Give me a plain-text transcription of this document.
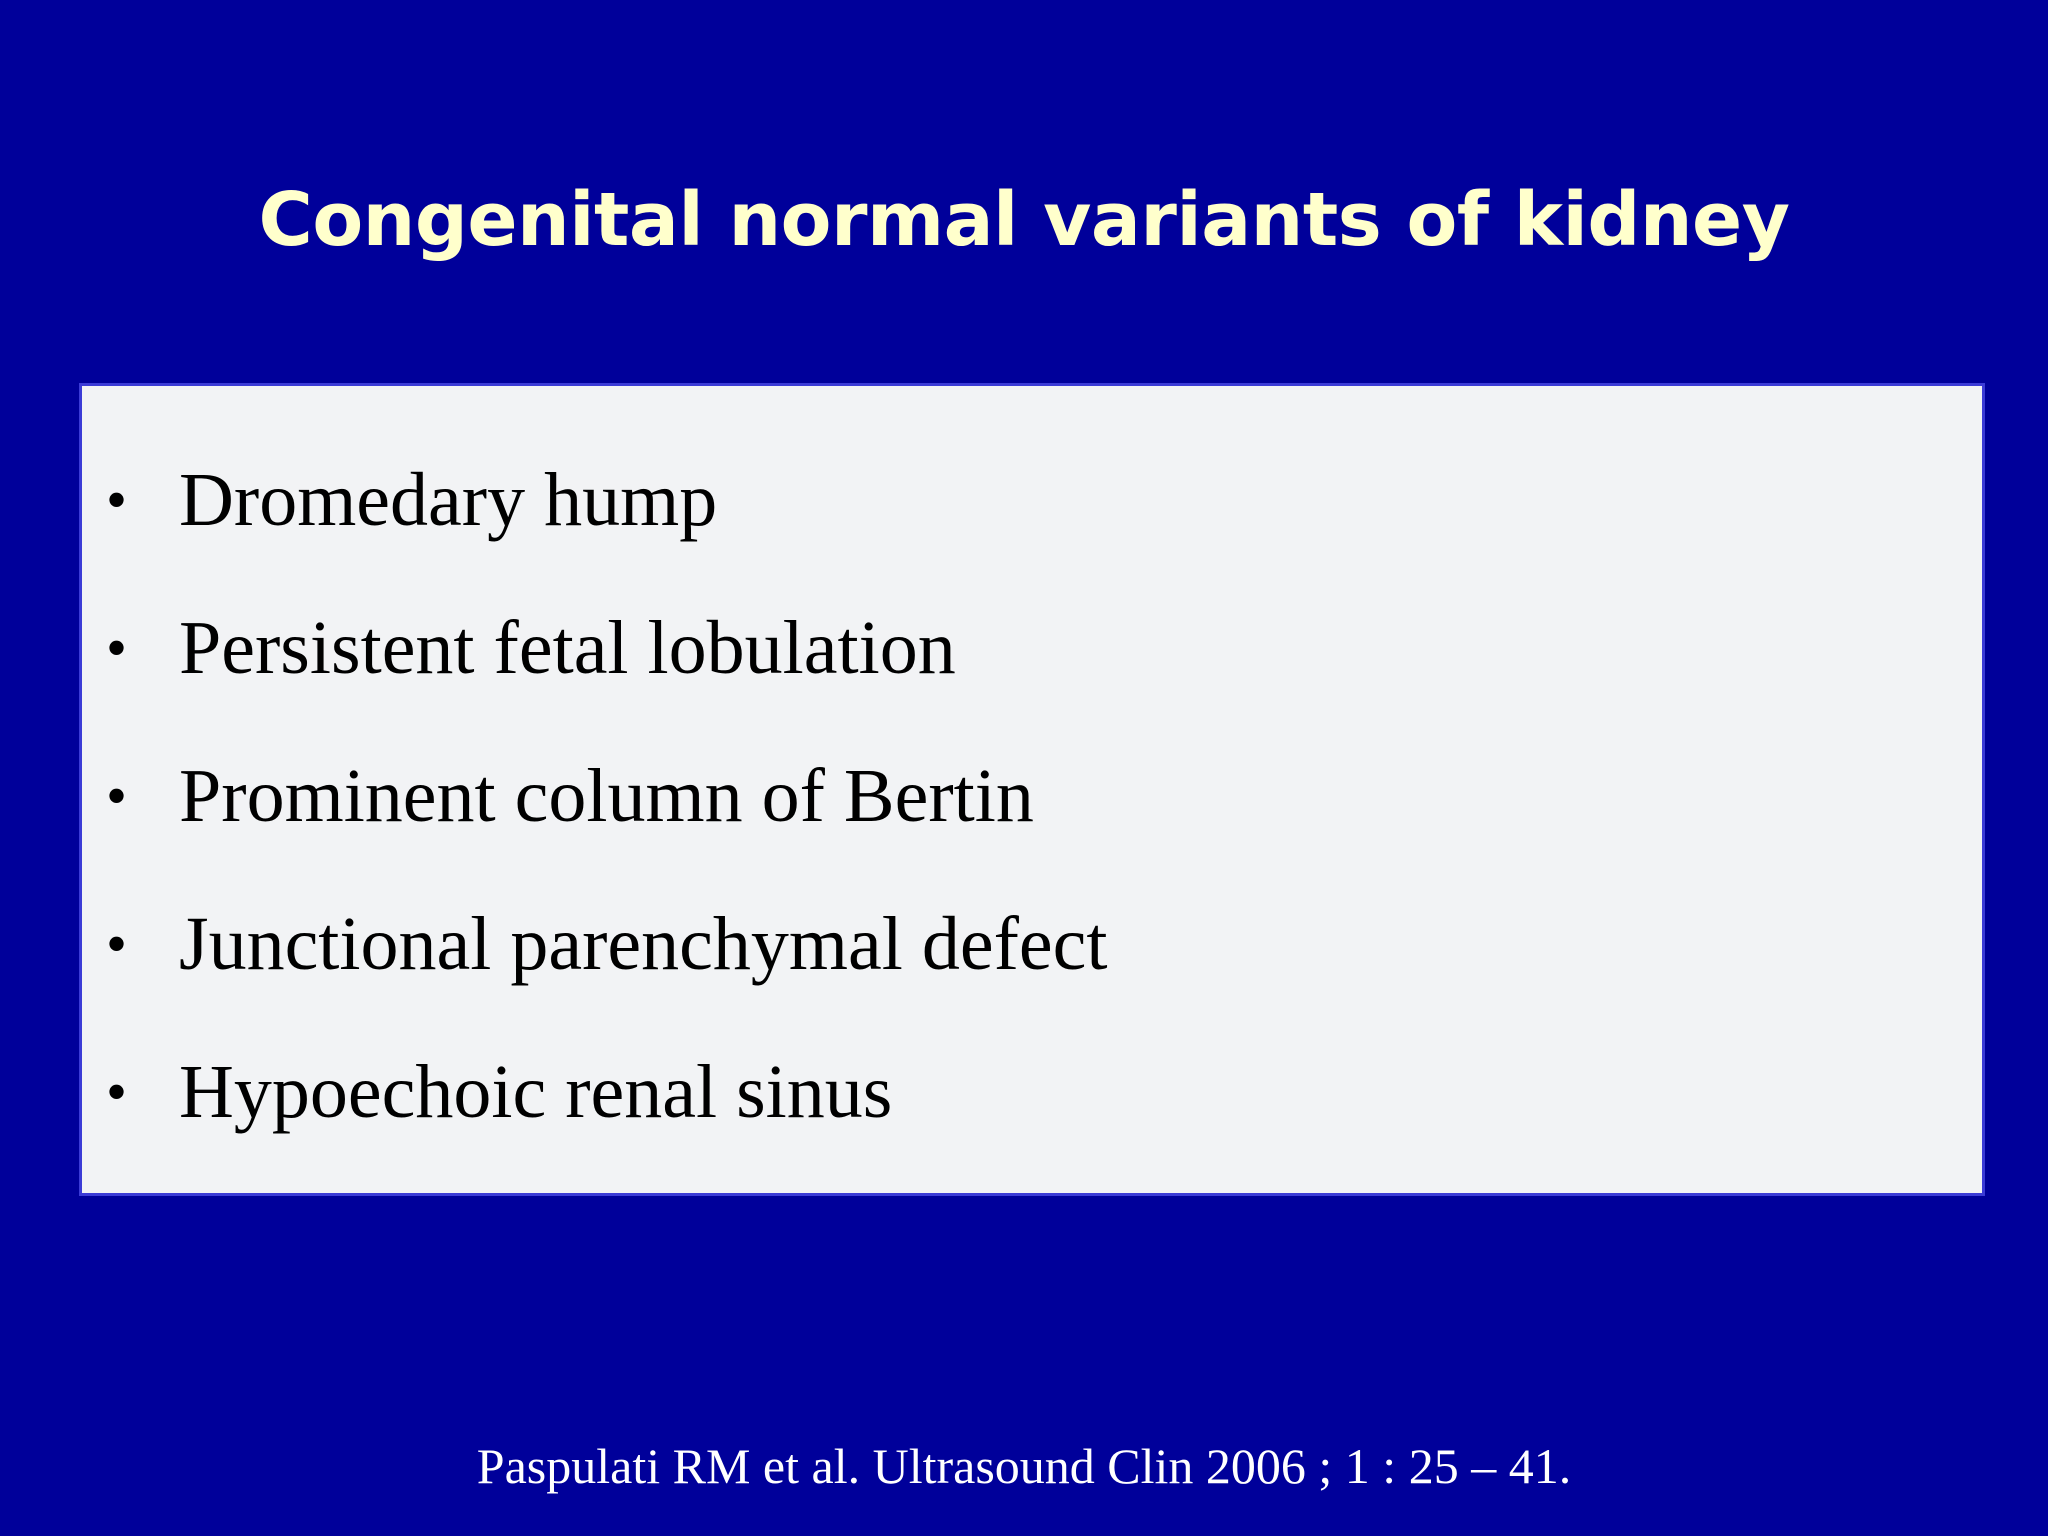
Congenital normal variants of kidney
• Dromedary hump
• Persistent fetal lobulation
• Prominent column of Bertin
• Junctional parenchymal defect
• Hypoechoic renal sinus
Paspulati RM et al. Ultrasound Clin 2006 ; 1 : 25 – 41.
